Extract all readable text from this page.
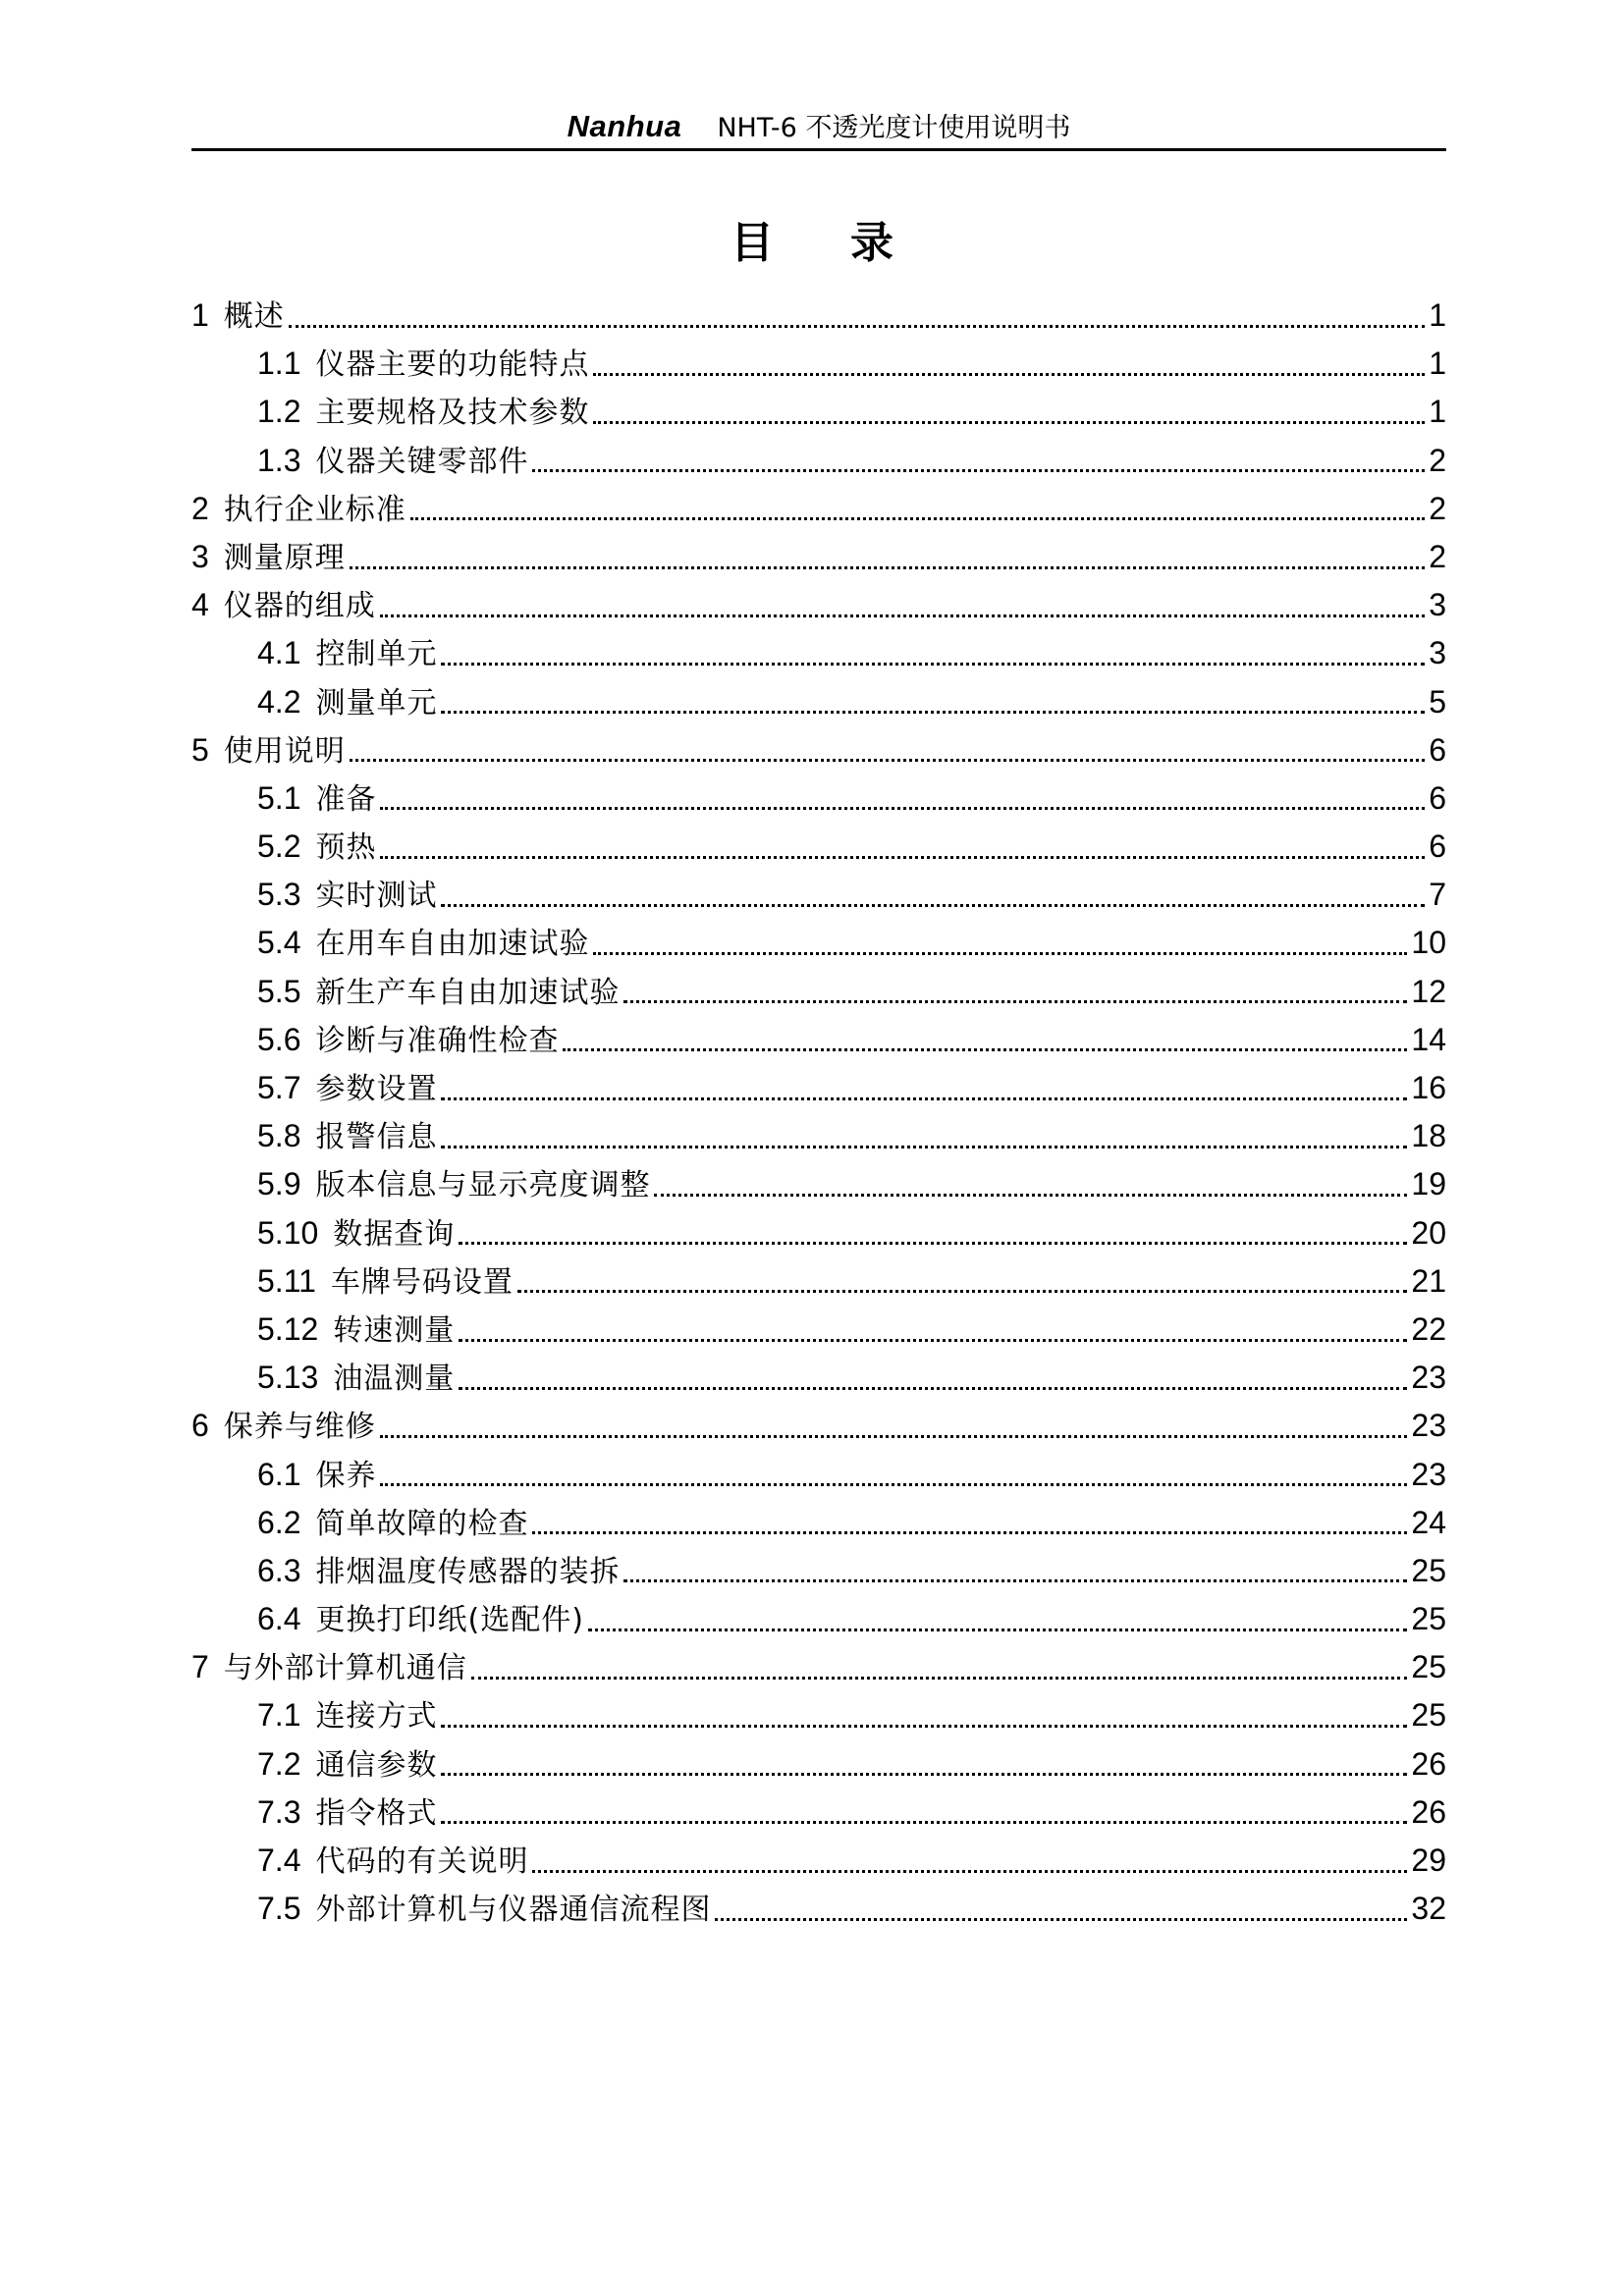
Nanhua NHT-6 不透光度计使用说明书
目录
1 概述	1
1.1 仪器主要的功能特点	1
1.2 主要规格及技术参数	1
1.3 仪器关键零部件	2
2 执行企业标准	2
3 测量原理	2
4 仪器的组成	3
4.1 控制单元	3
4.2 测量单元	5
5 使用说明	6
5.1 准备	6
5.2 预热	6
5.3 实时测试	7
5.4 在用车自由加速试验	10
5.5 新生产车自由加速试验	12
5.6 诊断与准确性检查	14
5.7 参数设置	16
5.8 报警信息	18
5.9 版本信息与显示亮度调整	19
5.10 数据查询	20
5.11 车牌号码设置	21
5.12 转速测量	22
5.13 油温测量	23
6 保养与维修	23
6.1 保养	23
6.2 简单故障的检查	24
6.3 排烟温度传感器的装拆	25
6.4 更换打印纸(选配件)	25
7 与外部计算机通信	25
7.1 连接方式	25
7.2 通信参数	26
7.3 指令格式	26
7.4 代码的有关说明	29
7.5 外部计算机与仪器通信流程图	32
